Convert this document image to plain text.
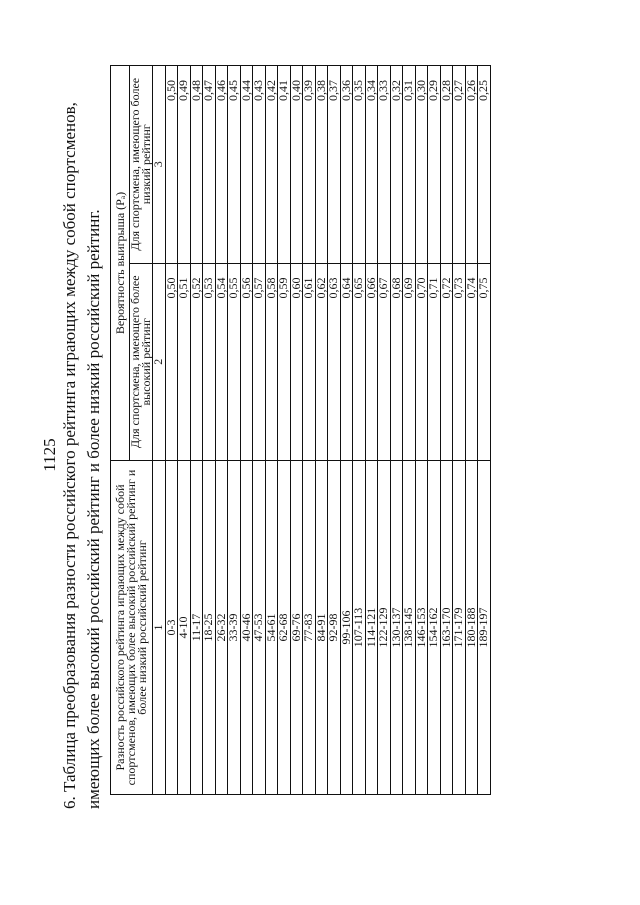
1125 6. Таблица преобразования разности российского рейтинга играющих между собой спортсменов, имеющих более высокий российский рейтинг и более низкий российский рейтинг. Разность российского рейтинга играющих между собой спортсменов, имеющих более высокий российский рейтинг и более низкий российский рейтинг	Вероятность выигрыша (Pₐ)	
	Для спортсмена, имеющего более высокий рейтинг	Для спортсмена, имеющего более низкий рейтинг
1	2	3
0-3	0,50	0,50
4-10	0,51	0,49
11-17	0,52	0,48
18-25	0,53	0,47
26-32	0,54	0,46
33-39	0,55	0,45
40-46	0,56	0,44
47-53	0,57	0,43
54-61	0,58	0,42
62-68	0,59	0,41
69-76	0,60	0,40
77-83	0,61	0,39
84-91	0,62	0,38
92-98	0,63	0,37
99-106	0,64	0,36
107-113	0,65	0,35
114-121	0,66	0,34
122-129	0,67	0,33
130-137	0,68	0,32
138-145	0,69	0,31
146-153	0,70	0,30
154-162	0,71	0,29
163-170	0,72	0,28
171-179	0,73	0,27
180-188	0,74	0,26
189-197	0,75	0,25
